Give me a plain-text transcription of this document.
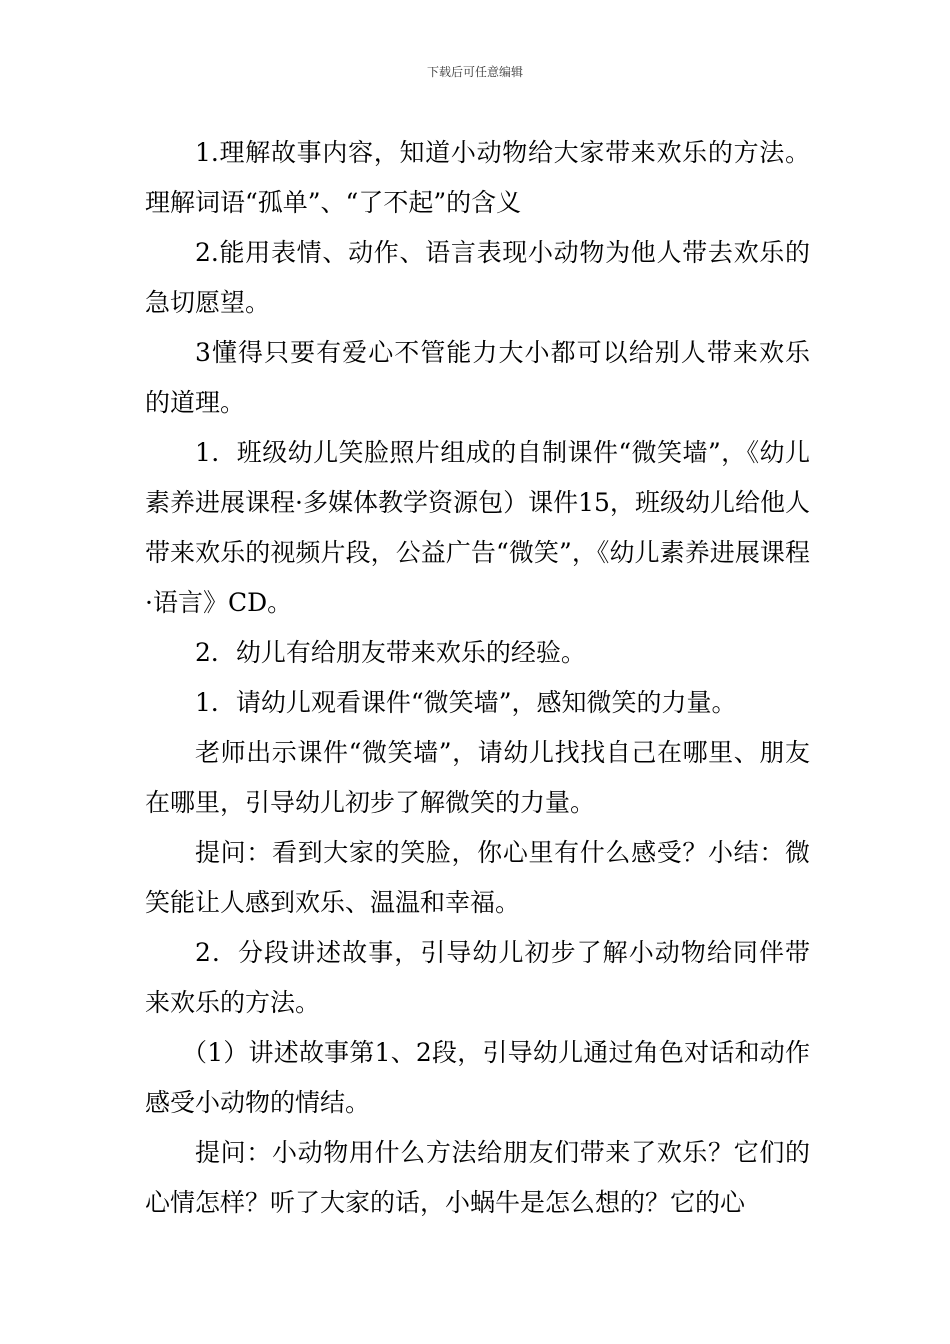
下载后可任意编辑

1.理解故事内容，知道小动物给大家带来欢乐的方法。理解词语“孤单”、“了不起”的含义

2.能用表情、动作、语言表现小动物为他人带去欢乐的急切愿望。

3懂得只要有爱心不管能力大小都可以给别人带来欢乐的道理。

1．班级幼儿笑脸照片组成的自制课件“微笑墙”，《幼儿素养进展课程·多媒体教学资源包）课件15，班级幼儿给他人带来欢乐的视频片段，公益广告“微笑”，《幼儿素养进展课程·语言》CD。

2．幼儿有给朋友带来欢乐的经验。

1．请幼儿观看课件“微笑墙”，感知微笑的力量。

老师出示课件“微笑墙”，请幼儿找找自己在哪里、朋友在哪里，引导幼儿初步了解微笑的力量。

提问：看到大家的笑脸，你心里有什么感受？小结：微笑能让人感到欢乐、温温和幸福。

2．分段讲述故事，引导幼儿初步了解小动物给同伴带来欢乐的方法。

（1）讲述故事第1、2段，引导幼儿通过角色对话和动作感受小动物的情结。

提问：小动物用什么方法给朋友们带来了欢乐？它们的心情怎样？听了大家的话，小蜗牛是怎么想的？它的心
